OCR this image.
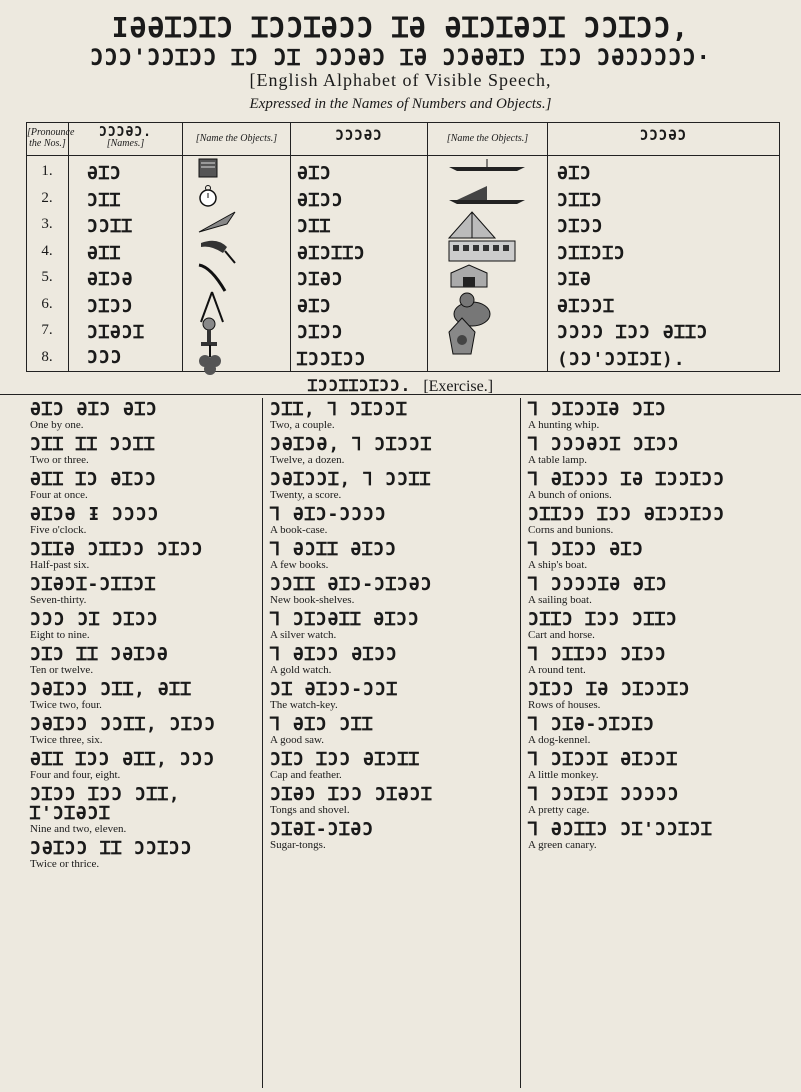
IƏƏꞮƆꞮƆ ꞮƆƆꞮƏƆƆ ꞮƏ ƏꞮƆꞮƏƆꞮ ƆƆꞮƆƆ,
ƆƆƆ'ƆƆꞮƆƆ ꞮƆ ƆꞮ ƆƆƆƏƆ ꞮƏ ƆƆƏƏꞮƆ ꞮƆƆ ƆƏƆƆƆƆƆ·
[English Alphabet of Visible Speech,
Expressed in the Names of Numbers and Objects.]
[Pronounce the Nos.]
ƆƆƆƏƆ.
[Names.]	[Name the Objects.]	ƆƆƆƏƆ	[Name the Objects.]	ƆƆƆƏƆ
1.	ƏꞮƆ	ƏꞮƆ	ƏꞮƆ
2.	ƆꞮꞮ	ƏꞮƆƆ	ƆꞮꞮƆ
3.	ƆƆꞮꞮ	ƆꞮꞮ	ƆꞮƆƆ
4.	ƏꞮꞮ	ƏꞮƆꞮꞮƆ	ƆꞮꞮƆꞮƆ
5.	ƏꞮƆƏ	ƆꞮƏƆ	ƆꞮƏ
6.	ƆꞮƆƆ	ƏꞮƆ	ƏꞮƆƆꞮ
7.	ƆꞮƏƆꞮ	ƆꞮƆƆ	ƆƆƆƆ ꞮƆƆ ƏꞮꞮƆ
8.	ƆƆƆ	ꞮƆƆꞮƆƆ	(ƆƆ'ƆƆꞮƆꞮ).
ꞮƆƆꞮꞮƆꞮƆƆ. [Exercise.]
ƏꞮƆ ƏꞮƆ ƏꞮƆ
One by one.
ƆꞮꞮ ꞮꞮ ƆƆꞮꞮ
Two or three.
ƏꞮꞮ ꞮƆ ƏꞮƆƆ
Four at once.
ƏꞮƆƏ Ɨ ƆƆƆƆ
Five o'clock.
ƆꞮꞮƏ ƆꞮꞮƆƆ ƆꞮƆƆ
Half-past six.
ƆꞮƏƆꞮ-ƆꞮꞮƆꞮ
Seven-thirty.
ƆƆƆ ƆꞮ ƆꞮƆƆ
Eight to nine.
ƆꞮƆ ꞮꞮ ƆƏꞮƆƏ
Ten or twelve.
ƆƏꞮƆƆ ƆꞮꞮ, ƏꞮꞮ
Twice two, four.
ƆƏꞮƆƆ ƆƆꞮꞮ, ƆꞮƆƆ
Twice three, six.
ƏꞮꞮ ꞮƆƆ ƏꞮꞮ, ƆƆƆ
Four and four, eight.
ƆꞮƆƆ ꞮƆƆ ƆꞮꞮ, Ɪ'ƆꞮƏƆꞮ
Nine and two, eleven.
ƆƏꞮƆƆ ꞮꞮ ƆƆꞮƆƆ
Twice or thrice.
ƆꞮꞮ, Ꞁ ƆꞮƆƆꞮ
Two, a couple.
ƆƏꞮƆƏ, Ꞁ ƆꞮƆƆꞮ
Twelve, a dozen.
ƆƏꞮƆƆꞮ, Ꞁ ƆƆꞮꞮ
Twenty, a score.
Ꞁ ƏꞮƆ-ƆƆƆƆ
A book-case.
Ꞁ ƏƆꞮꞮ ƏꞮƆƆ
A few books.
ƆƆꞮꞮ ƏꞮƆ-ƆꞮƆƏƆ
New book-shelves.
Ꞁ ƆꞮƆƏꞮꞮ ƏꞮƆƆ
A silver watch.
Ꞁ ƏꞮƆƆ ƏꞮƆƆ
A gold watch.
ƆꞮ ƏꞮƆƆ-ƆƆꞮ
The watch-key.
Ꞁ ƏꞮƆ ƆꞮꞮ
A good saw.
ƆꞮƆ ꞮƆƆ ƏꞮƆꞮꞮ
Cap and feather.
ƆꞮƏƆ ꞮƆƆ ƆꞮƏƆꞮ
Tongs and shovel.
ƆꞮƏꞮ-ƆꞮƏƆ
Sugar-tongs.
Ꞁ ƆꞮƆƆꞮƏ ƆꞮƆ
A hunting whip.
Ꞁ ƆƆƆƏƆꞮ ƆꞮƆƆ
A table lamp.
Ꞁ ƏꞮƆƆƆ ꞮƏ ꞮƆƆꞮƆƆ
A bunch of onions.
ƆꞮꞮƆƆ ꞮƆƆ ƏꞮƆƆꞮƆƆ
Corns and bunions.
Ꞁ ƆꞮƆƆ ƏꞮƆ
A ship's boat.
Ꞁ ƆƆƆƆꞮƏ ƏꞮƆ
A sailing boat.
ƆꞮꞮƆ ꞮƆƆ ƆꞮꞮƆ
Cart and horse.
Ꞁ ƆꞮꞮƆƆ ƆꞮƆƆ
A round tent.
ƆꞮƆƆ ꞮƏ ƆꞮƆƆꞮƆ
Rows of houses.
Ꞁ ƆꞮƏ-ƆꞮƆꞮƆ
A dog-kennel.
Ꞁ ƆꞮƆƆꞮ ƏꞮƆƆꞮ
A little monkey.
Ꞁ ƆƆꞮƆꞮ ƆƆƆƆƆ
A pretty cage.
Ꞁ ƏƆꞮꞮƆ ƆꞮ'ƆƆꞮƆꞮ
A green canary.
